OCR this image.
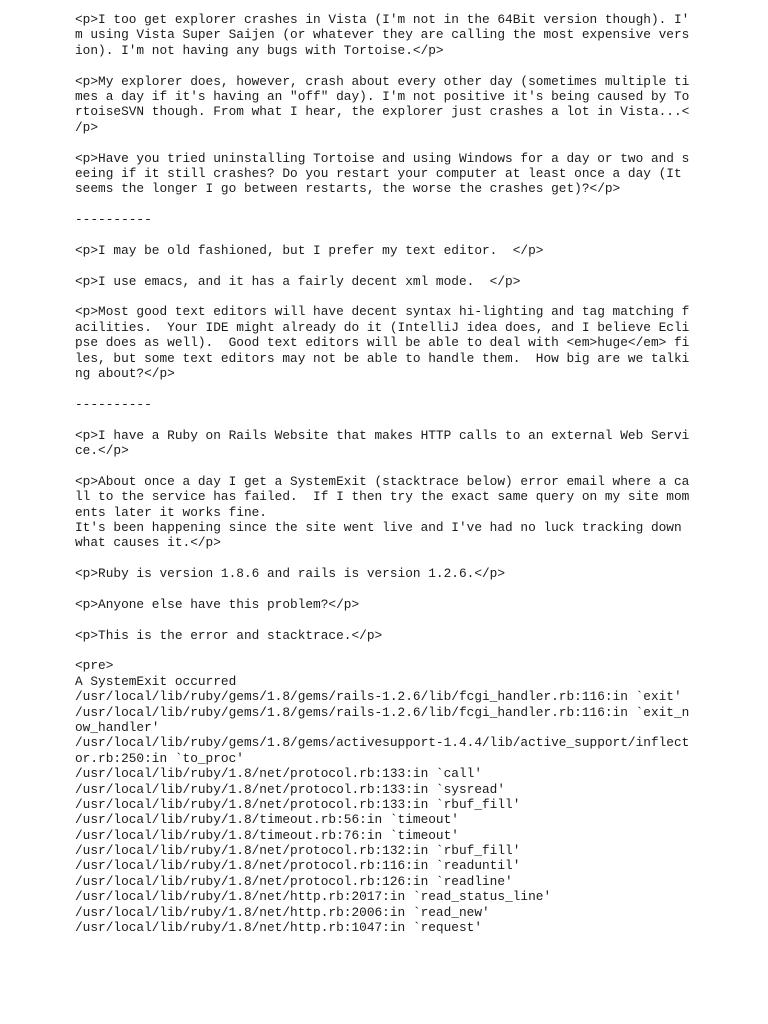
<p>I too get explorer crashes in Vista (I'm not in the 64Bit version though). I'
m using Vista Super Saijen (or whatever they are calling the most expensive vers
ion). I'm not having any bugs with Tortoise.</p>
<p>My explorer does, however, crash about every other day (sometimes multiple ti
mes a day if it's having an "off" day). I'm not positive it's being caused by To
rtoiseSVN though. From what I hear, the explorer just crashes a lot in Vista...<
/p>
<p>Have you tried uninstalling Tortoise and using Windows for a day or two and s
eeing if it still crashes? Do you restart your computer at least once a day (It
seems the longer I go between restarts, the worse the crashes get)?</p>
----------
<p>I may be old fashioned, but I prefer my text editor.  </p>
<p>I use emacs, and it has a fairly decent xml mode.  </p>
<p>Most good text editors will have decent syntax hi-lighting and tag matching f
acilities.  Your IDE might already do it (IntelliJ idea does, and I believe Ecli
pse does as well).  Good text editors will be able to deal with <em>huge</em> fi
les, but some text editors may not be able to handle them.  How big are we talki
ng about?</p>
----------
<p>I have a Ruby on Rails Website that makes HTTP calls to an external Web Servi
ce.</p>
<p>About once a day I get a SystemExit (stacktrace below) error email where a ca
ll to the service has failed.  If I then try the exact same query on my site mom
ents later it works fine.
It's been happening since the site went live and I've had no luck tracking down
what causes it.</p>
<p>Ruby is version 1.8.6 and rails is version 1.2.6.</p>
<p>Anyone else have this problem?</p>
<p>This is the error and stacktrace.</p>
<pre>
A SystemExit occurred
/usr/local/lib/ruby/gems/1.8/gems/rails-1.2.6/lib/fcgi_handler.rb:116:in `exit'
/usr/local/lib/ruby/gems/1.8/gems/rails-1.2.6/lib/fcgi_handler.rb:116:in `exit_n
ow_handler'
/usr/local/lib/ruby/gems/1.8/gems/activesupport-1.4.4/lib/active_support/inflect
or.rb:250:in `to_proc'
/usr/local/lib/ruby/1.8/net/protocol.rb:133:in `call'
/usr/local/lib/ruby/1.8/net/protocol.rb:133:in `sysread'
/usr/local/lib/ruby/1.8/net/protocol.rb:133:in `rbuf_fill'
/usr/local/lib/ruby/1.8/timeout.rb:56:in `timeout'
/usr/local/lib/ruby/1.8/timeout.rb:76:in `timeout'
/usr/local/lib/ruby/1.8/net/protocol.rb:132:in `rbuf_fill'
/usr/local/lib/ruby/1.8/net/protocol.rb:116:in `readuntil'
/usr/local/lib/ruby/1.8/net/protocol.rb:126:in `readline'
/usr/local/lib/ruby/1.8/net/http.rb:2017:in `read_status_line'
/usr/local/lib/ruby/1.8/net/http.rb:2006:in `read_new'
/usr/local/lib/ruby/1.8/net/http.rb:1047:in `request'
